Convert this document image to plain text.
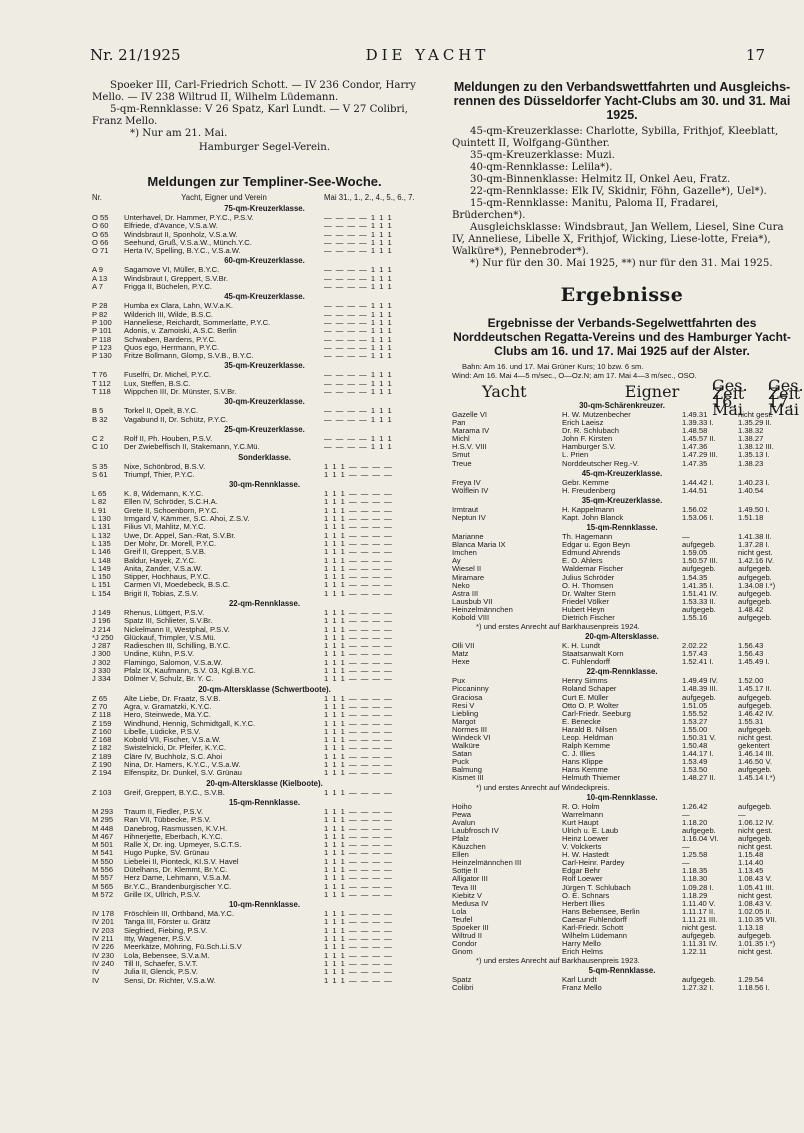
Nr. 21/1925	DIE YACHT	17

Spoeker III, Carl-Friedrich Schott. — IV 236 Condor, Harry Mello. — IV 238 Wiltrud II, Wilhelm Lüdemann.

5-qm-Rennklasse: V 26 Spatz, Karl Lundt. — V 27 Colibri, Franz Mello.

*) Nur am 21. Mai.

Hamburger Segel-Verein.

Meldungen zur Templiner-See-Woche.
Nr.	Yacht, Eigner und Verein	Mai 31., 1., 2., 4., 5., 6., 7.
75-qm-Kreuzerklasse.
O 55	Unterhavel, Dr. Hammer, P.Y.C., P.S.V.	— — — — 1 1 1
O 60	Elfriede, d'Avance, V.S.a.W.	— — — — 1 1 1
O 65	Windsbraut II, Sponholz, V.S.a.W.	— — — — 1 1 1
O 66	Seehund, Gruß, V.S.a.W., Münch.Y.C.	— — — — 1 1 1
O 71	Herta IV, Spelling, B.Y.C., V.S.a.W.	— — — — 1 1 1
60-qm-Kreuzerklasse.
A 9	Sagamove VI, Müller, B.Y.C.	— — — — 1 1 1
A 13	Windsbraut I, Greppert, S.V.Br.	— — — — 1 1 1
A 7	Frigga II, Büchelen, P.Y.C.	— — — — 1 1 1
45-qm-Kreuzerklasse.
P 28	Humba ex Clara, Lahn, W.V.a.K.	— — — — 1 1 1
P 82	Wilderich III, Wilde, B.S.C.	— — — — 1 1 1
P 100	Hanneliese, Reichardt, Sommerlatte, P.Y.C.	— — — — 1 1 1
P 101	Adonis, v. Zamoiski, A.S.C. Berlin	— — — — 1 1 1
P 118	Schwaben, Bardens, P.Y.C.	— — — — 1 1 1
P 123	Quos ego, Herrmann, P.Y.C.	— — — — 1 1 1
P 130	Fritze Bollmann, Glomp, S.V.B., B.Y.C.	— — — — 1 1 1
35-qm-Kreuzerklasse.
T 76	Fuselfri, Dr. Michel, P.Y.C.	— — — — 1 1 1
T 112	Lux, Steffen, B.S.C.	— — — — 1 1 1
T 118	Wippchen III, Dr. Münster, S.V.Br.	— — — — 1 1 1
30-qm-Kreuzerklasse.
B 5	Torkel II, Opelt, B.Y.C.	— — — — 1 1 1
B 32	Vagabund II, Dr. Schütz, P.Y.C.	— — — — 1 1 1
25-qm-Kreuzerklasse.
C 2	Rolf II, Ph. Houben, P.S.V.	— — — — 1 1 1
C 10	Der Zwiebelfisch II, Stakemann, Y.C.Mü.	— — — — 1 1 1
Sonderklasse.
S 35	Nixe, Schönbrod, B.S.V.	1 1 1 — — — —
S 61	Triumpf, Thier, P.Y.C.	1 1 1 — — — —
30-qm-Rennklasse.
L 65	K. 8, Widemann, K.Y.C.	1 1 1 — — — —
L 82	Ellen IV, Schröder, S.C.H.A.	1 1 1 — — — —
L 91	Grete II, Schoenborn, P.Y.C.	1 1 1 — — — —
L 130	Irmgard V, Kämmer, S.C. Ahoi, Z.S.V.	1 1 1 — — — —
L 131	Filius VI, Mahlitz, M.Y.C.	1 1 1 — — — —
L 132	Uwe, Dr. Appel, San.-Rat, S.V.Br.	1 1 1 — — — —
L 135	Der Mohr, Dr. Morell, P.Y.C.	1 1 1 — — — —
L 146	Greif II, Greppert, S.V.B.	1 1 1 — — — —
L 148	Baldur, Hayek, Z.Y.C.	1 1 1 — — — —
L 149	Anita, Zander, V.S.a.W.	1 1 1 — — — —
L 150	Stipper, Hochhaus, P.Y.C.	1 1 1 — — — —
L 151	Carmen VI, Moedebeck, B.S.C.	1 1 1 — — — —
L 154	Brigit II, Tobias, Z.S.V.	1 1 1 — — — —
22-qm-Rennklasse.
J 149	Rhenus, Lüttgert, P.S.V.	1 1 1 — — — —
J 196	Spatz III, Schlieter, S.V.Br.	1 1 1 — — — —
J 214	Nickelmann II, Westphal, P.S.V.	1 1 1 — — — —
*J 250	Glückauf, Trimpler, V.S.Mü.	1 1 1 — — — —
J 287	Radieschen III, Schilling, B.Y.C.	1 1 1 — — — —
J 300	Undine, Kühn, P.S.V.	1 1 1 — — — —
J 302	Flamingo, Salomon, V.S.a.W.	1 1 1 — — — —
J 330	Pfalz IX, Kaufmann, S.V. 03, Kgl.B.Y.C.	1 1 1 — — — —
J 334	Dölmer V, Schulz, Br. Y. C.	1 1 1 — — — —
20-qm-Altersklasse (Schwertboote).
Z 65	Alte Liebe, Dr. Fraatz, S.V.B.	1 1 1 — — — —
Z 70	Agra, v. Gramatzki, K.Y.C.	1 1 1 — — — —
Z 118	Hero, Steinwede, Mä.Y.C.	1 1 1 — — — —
Z 159	Windhund, Hennig, Schmidtgall, K.Y.C.	1 1 1 — — — —
Z 160	Libelle, Lüdicke, P.S.V.	1 1 1 — — — —
Z 168	Kobold VII, Fischer, V.S.a.W.	1 1 1 — — — —
Z 182	Swistelnicki, Dr. Pfeifer, K.Y.C.	1 1 1 — — — —
Z 189	Cläre IV, Buchholz, S.C. Ahoi	1 1 1 — — — —
Z 190	Nina, Dr. Hamers, K.Y.C., V.S.a.W.	1 1 1 — — — —
Z 194	Elfenspitz, Dr. Dunkel, S.V. Grünau	1 1 1 — — — —
20-qm-Altersklasse (Kielboote).
Z 103	Greif, Greppert, B.Y.C., S.V.B.	1 1 1 — — — —
15-qm-Rennklasse.
M 293	Traum II, Fiedler, P.S.V.	1 1 1 — — — —
M 295	Ran VII, Tübbecke, P.S.V.	1 1 1 — — — —
M 448	Danebrog, Rasmussen, K.V.H.	1 1 1 — — — —
M 467	Hihnerjette, Eberbach, K.Y.C.	1 1 1 — — — —
M 501	Ralle X, Dr. ing. Upmeyer, S.C.T.S.	1 1 1 — — — —
M 541	Hugo Pupke, SV. Grünau	1 1 1 — — — —
M 550	Liebelei II, Pionteck, KI.S.V. Havel	1 1 1 — — — —
M 556	Dütelhans, Dr. Klemmt, Br.Y.C.	1 1 1 — — — —
M 557	Herz Dame, Lehmann, V.S.a.M.	1 1 1 — — — —
M 565	Br.Y.C., Brandenburgischer Y.C.	1 1 1 — — — —
M 572	Grille IX, Ullrich, P.S.V.	1 1 1 — — — —
10-qm-Rennklasse.
IV 178	Fröschlein III, Orthband, Mä.Y.C.	1 1 1 — — — —
IV 201	Tanga III, Förster u. Grätz	1 1 1 — — — —
IV 203	Siegfried, Fiebing, P.S.V.	1 1 1 — — — —
IV 211	Itty, Wagener, P.S.V.	1 1 1 — — — —
IV 226	Meerkätze, Möhring, Fü.Sch.Li.S.V	1 1 1 — — — —
IV 230	Lola, Bebensee, S.V.a.M.	1 1 1 — — — —
IV 240	Till II, Schaefer, S.V.T.	1 1 1 — — — —
IV	Julia II, Glenck, P.S.V.	1 1 1 — — — —
IV	Sensi, Dr. Richter, V.S.a.W.	1 1 1 — — — —
Meldungen zu den Verbandswettfahrten und Ausgleichs-rennen des Düsseldorfer Yacht-Clubs am 30. und 31. Mai 1925.

45-qm-Kreuzerklasse: Charlotte, Sybilla, Frithjof, Kleeblatt, Quintett II, Wolfgang-Günther.

35-qm-Kreuzerklasse: Muzi.

40-qm-Rennklasse: Lelila*).

30-qm-Binnenklasse: Helmitz II, Onkel Aeu, Fratz.

22-qm-Rennklasse: Elk IV, Skidnir, Föhn, Gazelle*), Uel*).

15-qm-Rennklasse: Manitu, Paloma II, Fradarei, Brüderchen*).

Ausgleichsklasse: Windsbraut, Jan Wellem, Liesel, Sine Cura IV, Anneliese, Libelle X, Frithjof, Wicking, Liese-lotte, Freia*), Walküre*), Pennebroder*).

*) Nur für den 30. Mai 1925, **) nur für den 31. Mai 1925.

Ergebnisse
Ergebnisse der Verbands-Segelwettfahrten des Norddeutschen Regatta-Vereins und des Hamburger Yacht-Clubs am 16. und 17. Mai 1925 auf der Alster.
Bahn: Am 16. und 17. Mai Grüner Kurs; 10 bzw. 6 sm.
Wind: Am 16. Mai 4—5 m/sec., O—Oz.N; am 17. Mai 4—3 m/sec., OSO.
Yacht	Eigner	Ges. Zeit 16. Mai
Ges. Zeit 17. Mai
30-qm-Schärenkreuzer.
Gazelle VI	H. W. Mutzenbecher	1.49.31	nicht gest.
Pan	Erich Laeisz	1.39.33 I.	1.35.29 II.
Marama IV	Dr. R. Schlubach	1.48.58	1.38.32
Michl	John F. Kirsten	1.45.57 II.	1.38.27
H.S.V. VIII	Hamburger S.V.	1.47.36	1.38.12 III.
Smut	L. Prien	1.47.29 III.	1.35.13 I.
Treue	Norddeutscher Reg.-V.	1.47.35	1.38.23
45-qm-Kreuzerklasse.
Freya IV	Gebr. Kemme	1.44.42 I.	1.40.23 I.
Wölflein IV	H. Freudenberg	1.44.51	1.40.54
35-qm-Kreuzerklasse.
Irmtraut	H. Kappelmann	1.56.02	1.49.50 I.
Neptun IV	Kapt. John Blanck	1.53.06 I.	1.51.18
15-qm-Rennklasse.
Marianne	Th. Hagemann	—	1.41.38 II.
Blanca Maria IX	Edgar u. Egon Beyn	aufgegeb.	1.37.28 I.
Imchen	Edmund Ahrends	1.59.05	nicht gest.
Ay	E. O. Ahlers	1.50.57 III.	1.42.16 IV.
Wiesel II	Waldemar Fischer	aufgegeb.	aufgegeb.
Miramare	Julius Schröder	1.54.35	aufgegeb.
Neko	O. H. Thomsen	1.41.35 I.	1.34.08 I.*)
Astra III	Dr. Walter Stern	1.51.41 IV.	aufgegeb.
Lausbub VII	Friedel Völker	1.53.33 II.	aufgegeb.
Heinzelmännchen	Hubert Heyn	aufgegeb.	1.48.42
Kobold VIII	Dietrich Fischer	1.55.16	aufgegeb.
*) und erstes Anrecht auf Barkhausenpreis 1924.
20-qm-Altersklasse.
Olli VII	K. H. Lundt	2.02.22	1.56.43
Matz	Staatsanwalt Korn	1.57.43	1.56.43
Hexe	C. Fuhlendorff	1.52.41 I.	1.45.49 I.
22-qm-Rennklasse.
Pux	Henry Simms	1.49.49 IV.	1.52.00
Piccaninny	Roland Schaper	1.48.39 III.	1.45.17 II.
Graciosa	Curt E. Müller	aufgegeb.	aufgegeb.
Resi V	Otto O. P. Wolter	1.51.05	aufgegeb.
Liebling	Carl-Friedr. Seeburg	1.55.52	1.46.42 IV.
Margot	E. Benecke	1.53.27	1.55.31
Normes III	Harald B. Nilsen	1.55.00	aufgegeb.
Windeck VI	Leop. Heldman	1.50.31 V.	nicht gest.
Walküre	Ralph Kemme	1.50.48	gekentert
Satan	C. J. Illies	1.44.17 I.	1.46.14 III.
Puck	Hans Klippe	1.53.49	1.46.50 V.
Balmung	Hans Kemme	1.53.50	aufgegeb.
Kismet III	Helmuth Thiemer	1.48.27 II.	1.45.14 I.*)
*) und erstes Anrecht auf Windeckpreis.
10-qm-Rennklasse.
Hoiho	R. O. Holm	1.26.42	aufgegeb.
Pewa	Warrelmann	—	—
Avalun	Kurt Haupt	1.18.20	1.06.12 IV.
Laubfrosch IV	Ulrich u. E. Laub	aufgegeb.	nicht gest.
Pfalz	Heinz Loewer	1.16.04 VI.	aufgegeb.
Käuzchen	V. Volckerts	—	nicht gest.
Ellen	H. W. Hastedt	1.25.58	1.15.48
Heinzelmännchen III	Carl-Heinr. Pardey	—	1.14.40
Sottje II	Edgar Behr	1.18.35	1.13.45
Alligator III	Rolf Loewer	1.18.30	1.08.43 V.
Teva III	Jürgen T. Schlubach	1.09.28 I.	1.05.41 III.
Kiebitz V	O. E. Schnars	1.18.29	nicht gest.
Medusa IV	Herbert Illies	1.11.40 V.	1.08.43 V.
Lola	Hans Bebensee, Berlin	1.11.17 II.	1.02.05 II.
Teufel	Caesar Fuhlendorff	1.11.21 III.	1.10.35 VII.
Spoeker III	Karl-Friedr. Schott	nicht gest.	1.13.18
Wiltrud II	Wilhelm Lüdemann	aufgegeb.	aufgegeb.
Condor	Harry Mello	1.11.31 IV.	1.01.35 I.*)
Gnom	Erich Helms	1.22.11	nicht gest.
*) und erstes Anrecht auf Barkhausenpreis 1923.
5-qm-Rennklasse.
Spatz	Karl Lundt	aufgegeb.	1.29.54
Colibri	Franz Mello	1.27.32 I.	1.18.56 I.
